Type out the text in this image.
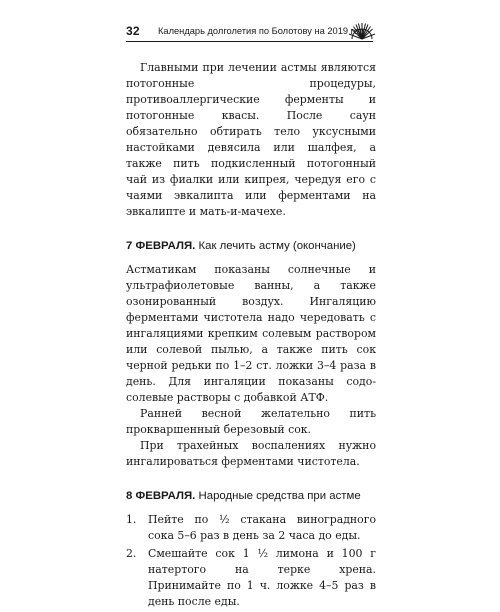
32 Календарь долголетия по Болотову на 2019 год

Главными при лечении астмы являются потогонные процедуры, противоаллергические ферменты и потогонные квасы. После саун обязательно обтирать тело уксусными настойками девясила или шалфея, а также пить подкисленный потогонный чай из фиалки или кипрея, чередуя его с чаями эвкалипта или ферментами на эвкалипте и мать-и-мачехе.

7 ФЕВРАЛЯ. Как лечить астму (окончание)

Астматикам показаны солнечные и ультрафиолетовые ванны, а также озонированный воздух. Ингаляцию ферментами чистотела надо чередовать с ингаляциями крепким солевым раствором или солевой пылью, а также пить сок черной редьки по 1–2 ст. ложки 3–4 раза в день. Для ингаляции показаны содо-солевые растворы с добавкой АТФ.

Ранней весной желательно пить прокваршенный березовый сок.

При трахейных воспалениях нужно ингалироваться ферментами чистотела.

8 ФЕВРАЛЯ. Народные средства при астме
1. Пейте по ½ стакана виноградного сока 5–6 раз в день за 2 часа до еды.
2. Смешайте сок 1 ½ лимона и 100 г натертого на терке хрена. Принимайте по 1 ч. ложке 4–5 раз в день после еды.
